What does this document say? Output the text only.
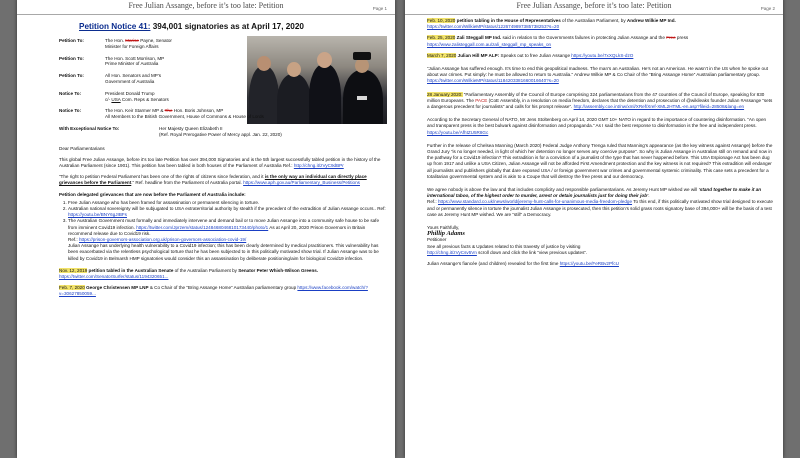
Free Julian Assange, before it’s too late: Petition	Page 1
Petition Notice 41: 394,001 signatories as at April 17, 2020
Petition To:	The Hon. Marise Payne, Senator
Minister for Foreign Affairs
Petition To:	The Hon. Scott Morrison, MP
Prime Minister of Australia
Petition To:	All Hon. Senators and MP’s
Government of Australia
Notice To:	President Donald Trump
c/- USA Com. Reps & Senators
Notice To:	The Hon. Keir Starmer MP & The Hon. Boris Johnson, MP
All Members to the British Government, House of Commons & House of Lords
With Exceptional Notice To:	Her Majesty Queen Elizabeth II
(Ref. Royal Prerogative Power of Mercy appl. Jan. 22, 2020)

Dear Parliamentarians

This global Free Julian Assange, before it’s too late Petition has over 394,000 Signatories and is the 5th largest successfully tabled petition in the history of the Australian Parliament (since 1901). This petition has been tabled in both houses of the Parliament of Australia Ref.: http://chng.it/zVyC9dBPr

“The right to petition Federal Parliament has been one of the rights of citizens since federation, and it is the only way an individual can directly place grievances before the Parliament.” Ref. headline from the Parliament of Australia portal. https://www.aph.gov.au/Parliamentary_Business/Petitions

Petition delegated grievances that are now before the Parliament of Australia include:

1. Free Julian Assange who has been framed for assassination or permanent silencing in torture.
2. Australian national sovereignty will be subjugated to USA extraterritorial authority by stealth if the precedent of the extradition of Julian Assange occurs.. Ref: https://youtu.be/BNY6gJIBFs
3. The Australian Government must formally and immediately intervene and demand bail or to move Julian Assange into a community safe house to be safe from imminent Covid19 infection. https://twitter.com/Jprzem/status/1248468046810173440/photo/1 As at April 20, 2020 Prison Governors in Britain recommend release due to Covid19 risk.
Ref.: https://prison-governors-association.org.uk/prison-governors-association-covid-19/
Julian Assange has underlying health vulnerability to a Covid19 infection; this has been clearly determined by medical practitioners. This vulnerability has been exacerbated via the relentless psychological torture that he has been subjected to in this politically motivated show trial. If Julian Assange was to be killed by Covid19 in Belmarsh HMP signatories would consider this an assassination by deliberate positioning/aim for biological Covid19 infection.

Nov. 12, 2019 petition tabled in the Australian Senate of the Australian Parliament by Senator Peter Whish-Wilson Greens. https://twitter.com/SenatorSurfer/status/1194320651...

Feb. 7, 2020 George Christensen MP LNP & Co Chair of the “Bring Assange Home” Australian parliamentary group https://www.facebook.com/watch/?v=30627850059...

Free Julian Assange, before it’s too late: Petition	Page 2

Feb. 10, 2020 petition tabling in the House of Representatives of the Australian Parliament, by Andrew Wilkie MP Ind.
https://twitter.com/WilkieMP/status/1226749897385738253?s=20

Feb. 25, 2020 Zali Steggall MP Ind. said in relation to the Governments failures in protecting Julian Assange and the Free press https://www.zalisteggall.com.au/zali_steggall_mp_speaks_on

March 7, 2020 Julian Hill MP ALP: Speaks out to free Julian Assange https://youtu.be/7xXQLkS-dzO

“Julian Assange has suffered enough. It's time to end this geopolitical madness. The man’s an Australian. He’s not an American. He wasn’t in the US when he spoke out about war crimes. Put simply: he must be allowed to return to Australia.” Andrew Wilkie MP & Co Chair of the “Bring Assange Home” Australian parliamentary group.
https://twitter.com/WilkieMP/status/1184203381660016640?s=20

28 January 2020: “Parliamentary Assembly of the Council of Europe comprising 324 parliamentarians from the 47 countries of the Council of Europe, speaking for 830 million Europeans. The PACE (CoE Assembly, in a resolution on media freedom, declares that the detention and prosecution of @wikileaks founder Julian #Assange “sets a dangerous precedent for journalists” and calls for his prompt release”. http://assembly.coe.int/nw/xml/XRef/Xref-XML2HTML-en.asp?fileid=28508&lang=en

According to the Secretary General of NATO, Mr Jens Stoltenberg on April 14, 2020 GMT 10+ NATO in regard to the importance of countering disinformation. “An open and transparent press is the best bulwark against disinformation and propaganda.” As I said the best response to disinformation is the free and independent press. https://youtu.be/AfhtZU5R8Gc

Further in the release of Chelsea Manning (March 2020) Federal Judge Anthony Trenga ruled that Manning’s appearance (as the key witness against Assange) before the Grand Jury “is no longer needed, in light of which her detention no longer serves any coercive purpose”. So why is Julian Assange in Australian still on remand and now in the pathway for a Covid19 infection? This extradition is for a conviction of a journalist of the type that has never happened before. This USA Espionage Act has been dug up from 1917 and unlike a USA Citizen, Julian Assange will not be afforded First Amendment protection and the key witness is not required? This extradition will endanger all journalists and publishers globally that dare exposed USA / or foreign government war crimes and governmental systemic criminality. This case sets a precedent for a totalitarian governmental system and is akin to a Coupe that will destroy the free press and our democracy.

We agree nobody is above the law and that includes complicity and responsible parliamentarians. As Jeremy Hunt MP wished we will ‘stand together to make it an international taboo, of the highest order to murder, arrest or detain journalists just for doing their job’.
Ref.: https://www.standard.co.uk/news/world/jeremy-hunt-calls-for-unanimous-media-freedom-pledge To this end, if this politically motivated show trial designed to execute and or permanently silence in torture the journalist Julian Assange is prosecuted, then this petition’s solid grass roots signatory base of 394,000+ will be the basis of a test case as Jeremy Hunt MP wished. We are “still” a Democracy.

Yours Faithfully,

Phillip Adams
Petitioner
See all previous facts & Updates related to this travesty of justice by visiting
http://chng.it/zVyCsv5Vn scroll down and click the link “view previous updates”.

Julian Assange’s fiancée (and children) revealed for the first time https://youtu.be/FeRBv2PfcU
